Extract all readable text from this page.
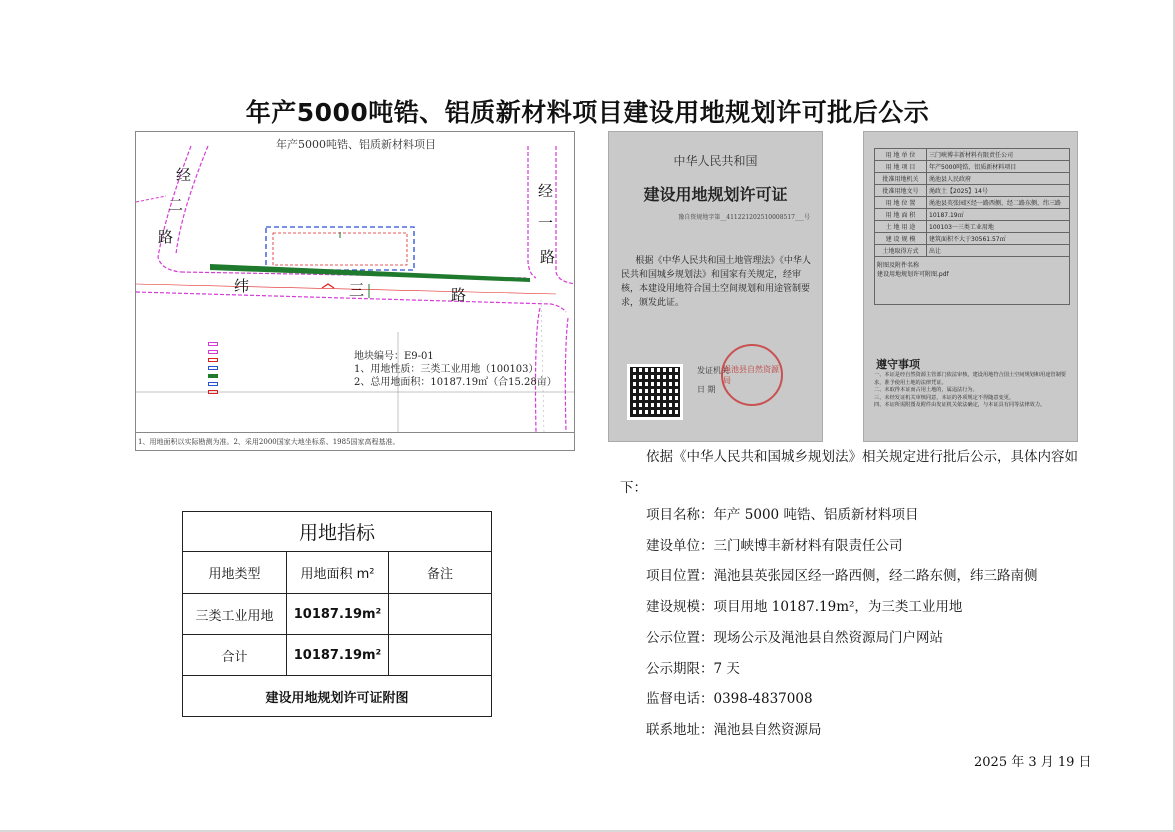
年产5000吨锆、铝质新材料项目建设用地规划许可批后公示
年产5000吨锆、铝质新材料项目
经
二
路
经
一
路
纬	三	路
地块编号：E9-01
1、用地性质：三类工业用地（100103）
2、总用地面积：10187.19㎡（合15.28亩）
1、用地面积以实际勘测为准。2、采用2000国家大地坐标系、1985国家高程基准。
中华人民共和国
建设用地规划许可证
豫自资规地字第__411221202510008517___号
根据《中华人民共和国土地管理法》《中华人民共和国城乡规划法》和国家有关规定，经审核，本建设用地符合国土空间规划和用途管制要求，颁发此证。
发证机关
日 期
渑池县自然资源局
用 地 单 位	三门峡博丰新材料有限责任公司
用 地 项 目	年产5000吨锆、铝质新材料项目
批准用地机关	渑池县人民政府
批准用地文号	渑政土【2025】14号
用 地 位 置	渑池县英张园区经一路西侧、经二路东侧、纬三路
用 地 面 积	10187.19㎡
土 地 用 途	100103一三类工业用地
建 设 规 模	建筑面积不大于30561.57㎡
土地取得方式	出让
附图及附件名称
建设用地规划许可附图.pdf	
遵守事项
一、本证是经自然资源主管部门依法审核，建设用地符合国土空间规划和用途管制要求，准予使用土地的法律凭证。
二、未取得本证而占用土地的，属违法行为。
三、未经发证机关审核同意，本证的各项规定不得随意变更。
四、本证所需附图及附件由发证机关依法确定，与本证具有同等法律效力。
用地指标		
用地类型	用地面积 m²	备注
三类工业用地	10187.19m²	
合计	10187.19m²	
建设用地规划许可证附图		

依据《中华人民共和国城乡规划法》相关规定进行批后公示，具体内容如下：

项目名称：年产 5000 吨锆、铝质新材料项目
建设单位：三门峡博丰新材料有限责任公司
项目位置：渑池县英张园区经一路西侧，经二路东侧，纬三路南侧
建设规模：项目用地 10187.19m²，为三类工业用地
公示位置：现场公示及渑池县自然资源局门户网站
公示期限：7 天
监督电话：0398-4837008
联系地址：渑池县自然资源局
2025 年 3 月 19 日
